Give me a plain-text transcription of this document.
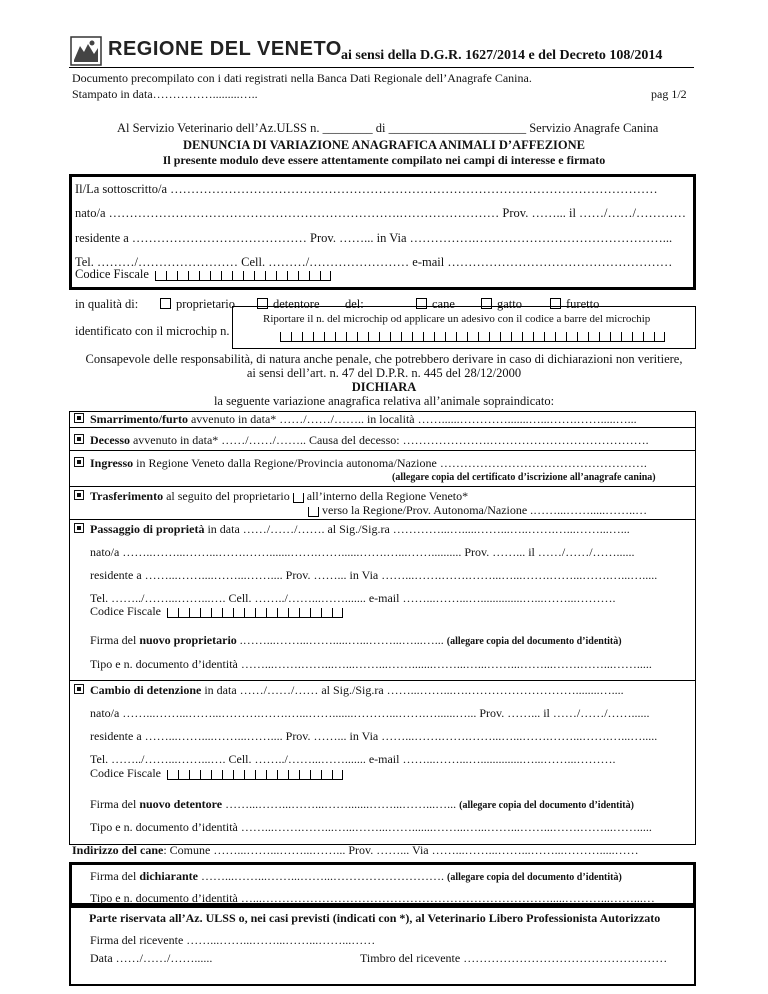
REGIONE DEL VENETO ai sensi della D.G.R. 1627/2014 e del Decreto 108/2014
Documento precompilato con i dati registrati nella Banca Dati Regionale dell’Anagrafe Canina.
Stampato in data…………….........…..	pag 1/2
Al Servizio Veterinario dell’Az.ULSS n. ________ di ______________________ Servizio Anagrafe Canina
DENUNCIA DI VARIAZIONE ANAGRAFICA ANIMALI D’AFFEZIONE
Il presente modulo deve essere attentamente compilato nei campi di interesse e firmato
Il/La sottoscritto/a ………………………………………………………………………………………………………
nato/a …………………………………………………………….…………………… Prov. ……... il ……/……/…………
residente a …………………………………… Prov. ……... in Via …………….………………………………………...
Tel. ………/…………………… Cell. ………/…………………… e-mail ………………………………………………
Codice Fiscale
in qualità di:	proprietario	detentore del:	cane	gatto	furetto
identificato con il microchip n.
Riportare il n. del microchip od applicare un adesivo con il codice a barre del microchip
Consapevole delle responsabilità, di natura anche penale, che potrebbero derivare in caso di dichiarazioni non veritiere,
ai sensi dell’art. n. 47 del D.P.R. n. 445 del 28/12/2000
DICHIARA
la seguente variazione anagrafica relativa all’animale sopraindicato:
Smarrimento/furto avvenuto in data* ……/……/…….. in località ……......………….......…...…….…….....…...
Decesso avvenuto in data* ……/……/…….. Causa del decesso: ………………….………………………………….
Ingresso in Regione Veneto dalla Regione/Provincia autonoma/Nazione …………………………………………….
(allegare copia del certificato d’iscrizione all’anagrafe canina)
Trasferimento al seguito del proprietario  all’interno della Regione Veneto*
verso la Regione/Prov. Autonoma/Nazione .……...…….....……..…
Passaggio di proprietà in data ……/……/……. al Sig./Sig.ra …………...….....……...…..…….…...……...…...
nato/a ……..……...……...…….…….......…….……......…….…...…….......... Prov. ……... il ……/……/……......
residente a ……...……....……...…….... Prov. ……... in Via ……...…….…….……...…...…….……...…….…...….....
Tel. ……../……...……...…. Cell. ……../……...……....... e-mail ……...……...…..............…...……...……….
Codice Fiscale
Firma del nuovo proprietario .……...……...…….....…...……...…...…... (allegare copia del documento d’identità)
Tipo e n. documento d’identità ……...…….……...…...……...…….......……...…...……...……...…….……...…….....
Cambio di detenzione in data ……/……/…… al Sig./Sig.ra ……...……...….………………………........…....
nato/a ……...……...……...……….…….…...…….......………...…….…......…... Prov. ……... il ……/……/……......
residente a ……...……....……...…….... Prov. ……... in Via ……...…….…….……...…...…….……...…….…...….....
Tel. ……../……...……...…. Cell. ……../……...……....... e-mail ……...……...…..............…...……...……….
Codice Fiscale
Firma del nuovo detentore ……...……...……...…….......……...……...…... (allegare copia del documento d’identità)
Tipo e n. documento d’identità ……...…….……...…...……...…….......……...…...……...……...…….……...…….....
Indirizzo del cane: Comune ……...……...……...……... Prov. ……... Via ……...……...……...……...……….....……
Firma del dichiarante ……...……...……...……...………………………. (allegare copia del documento d’identità)
Tipo e n. documento d’identità …...……………………………………………………………….....………...……...…
Parte riservata all’Az. ULSS o, nei casi previsti (indicati con *), al Veterinario Libero Professionista Autorizzato
Firma del ricevente ……...……...……...……...……...……
Data ……/……/……......	Timbro del ricevente ……………………………………………
